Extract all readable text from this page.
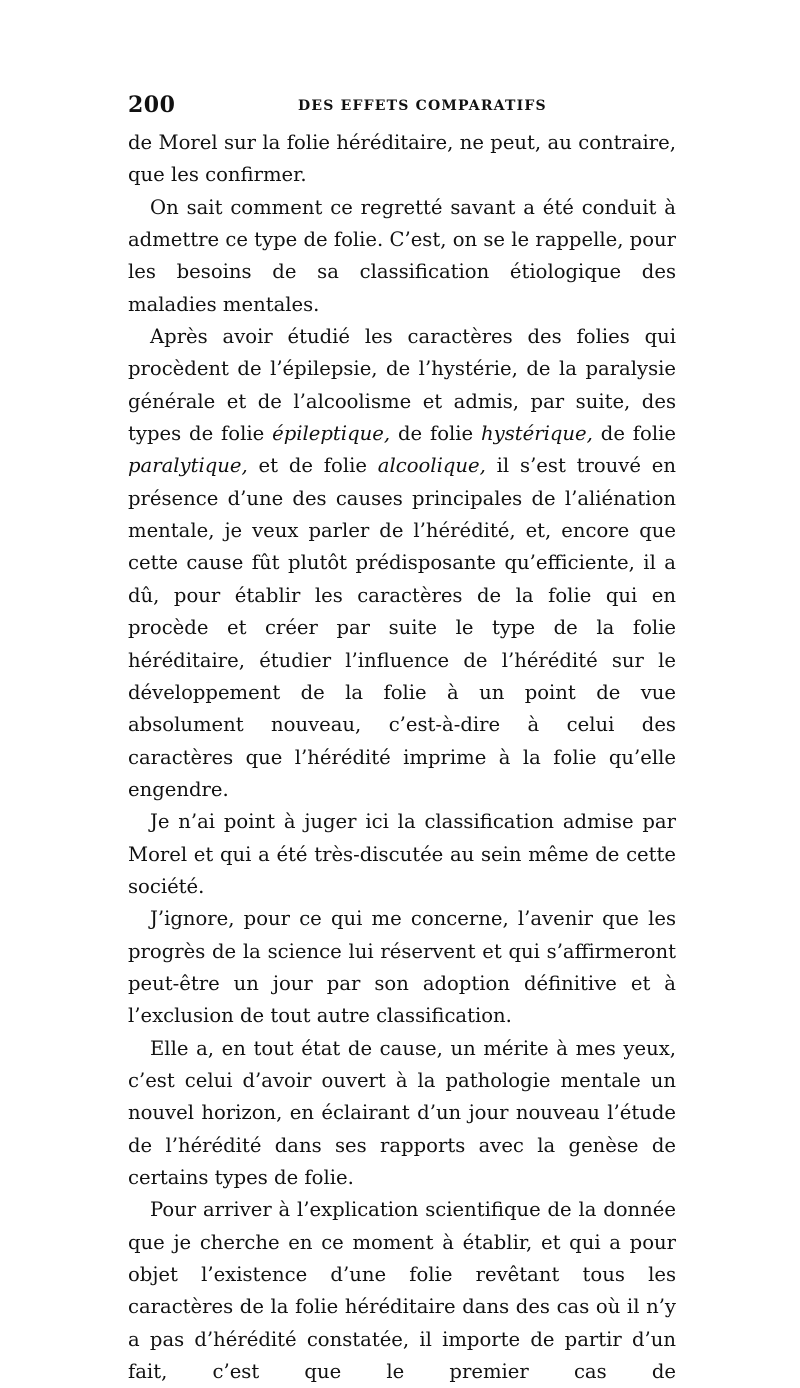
200	DES EFFETS COMPARATIFS

de Morel sur la folie héréditaire, ne peut, au contraire, que les confirmer.

On sait comment ce regretté savant a été conduit à admettre ce type de folie. C’est, on se le rappelle, pour les besoins de sa classification étiologique des maladies mentales.

Après avoir étudié les caractères des folies qui procèdent de l’épilepsie, de l’hystérie, de la paralysie générale et de l’alcoolisme et admis, par suite, des types de folie épileptique, de folie hystérique, de folie paralytique, et de folie alcoolique, il s’est trouvé en présence d’une des causes principales de l’aliénation mentale, je veux parler de l’hérédité, et, encore que cette cause fût plutôt prédisposante qu’efficiente, il a dû, pour établir les caractères de la folie qui en procède et créer par suite le type de la folie héréditaire, étudier l’influence de l’hérédité sur le développement de la folie à un point de vue absolument nouveau, c’est-à-dire à celui des caractères que l’hérédité imprime à la folie qu’elle engendre.

Je n’ai point à juger ici la classification admise par Morel et qui a été très-discutée au sein même de cette société.

J’ignore, pour ce qui me concerne, l’avenir que les progrès de la science lui réservent et qui s’affirmeront peut-être un jour par son adoption définitive et à l’exclusion de tout autre classification.

Elle a, en tout état de cause, un mérite à mes yeux, c’est celui d’avoir ouvert à la pathologie mentale un nouvel horizon, en éclairant d’un jour nouveau l’étude de l’hérédité dans ses rapports avec la genèse de certains types de folie.

Pour arriver à l’explication scientifique de la donnée que je cherche en ce moment à établir, et qui a pour objet l’existence d’une folie revêtant tous les caractères de la folie héréditaire dans des cas où il n’y a pas d’hérédité constatée, il importe de partir d’un fait, c’est que le premier cas de
